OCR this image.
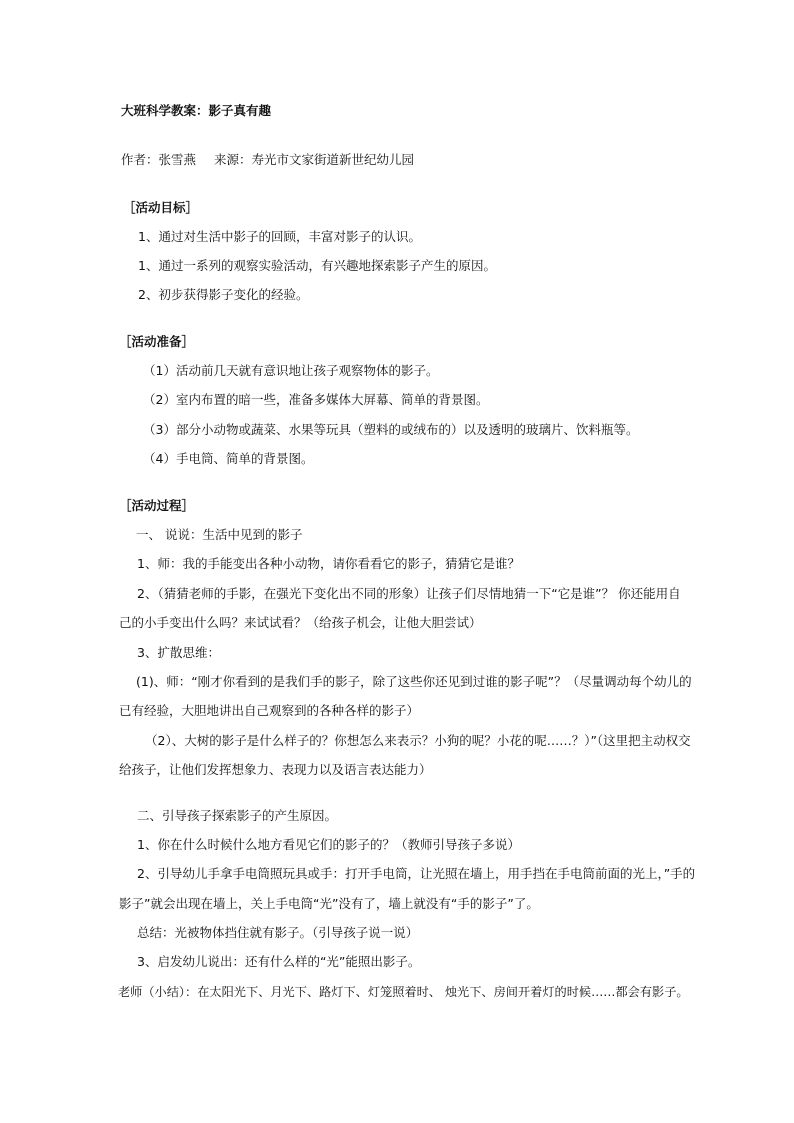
大班科学教案：影子真有趣
作者：张雪燕 来源：寿光市文家街道新世纪幼儿园
［活动目标］
1、通过对生活中影子的回顾，丰富对影子的认识。
1、通过一系列的观察实验活动，有兴趣地探索影子产生的原因。
2、初步获得影子变化的经验。
［活动准备］
（1）活动前几天就有意识地让孩子观察物体的影子。
（2）室内布置的暗一些，准备多媒体大屏幕、简单的背景图。
（3）部分小动物或蔬菜、水果等玩具（塑料的或绒布的）以及透明的玻璃片、饮料瓶等。
（4）手电筒、简单的背景图。
［活动过程］
一、 说说：生活中见到的影子
1、师：我的手能变出各种小动物，请你看看它的影子，猜猜它是谁？
2、（猜猜老师的手影，在强光下变化出不同的形象）让孩子们尽情地猜一下“它是谁”？ 你还能用自
己的小手变出什么吗？来试试看？（给孩子机会，让他大胆尝试）
3、扩散思维：
(1)、师：“刚才你看到的是我们手的影子，除了这些你还见到过谁的影子呢”？（尽量调动每个幼儿的
已有经验，大胆地讲出自己观察到的各种各样的影子）
（2）、大树的影子是什么样子的？你想怎么来表示？小狗的呢？小花的呢……？）”（这里把主动权交
给孩子，让他们发挥想象力、表现力以及语言表达能力）
二、引导孩子探索影子的产生原因。
1、你在什么时候什么地方看见它们的影子的？（教师引导孩子多说）
2、引导幼儿手拿手电筒照玩具或手：打开手电筒，让光照在墙上，用手挡在手电筒前面的光上，”手的
影子”就会出现在墙上，关上手电筒“光”没有了，墙上就没有“手的影子”了。
总结：光被物体挡住就有影子。（引导孩子说一说）
3、启发幼儿说出：还有什么样的“光”能照出影子。
老师（小结）：在太阳光下、月光下、路灯下、灯笼照着时、 烛光下、房间开着灯的时候……都会有影子。
